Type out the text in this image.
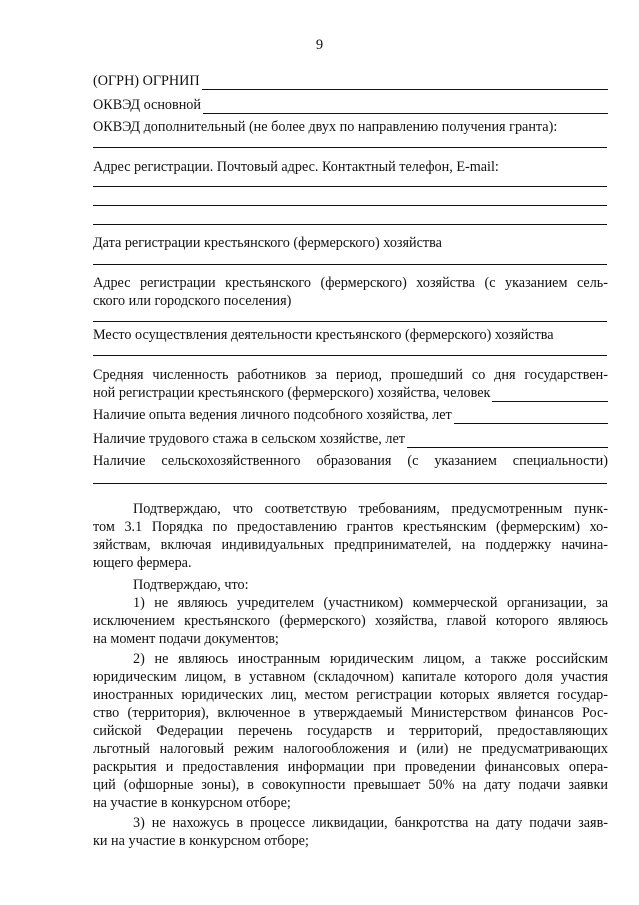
9
(ОГРН) ОГРНИП
ОКВЭД основной
ОКВЭД дополнительный (не более двух по направлению получения гранта):
Адрес регистрации. Почтовый адрес. Контактный телефон, E-mail:
Дата регистрации крестьянского (фермерского) хозяйства
Адрес регистрации крестьянского (фермерского) хозяйства (с указанием сель-
ского или городского поселения)
Место осуществления деятельности крестьянского (фермерского) хозяйства
Средняя численность работников за период, прошедший со дня государствен-
ной регистрации крестьянского (фермерского) хозяйства, человек
Наличие опыта ведения личного подсобного хозяйства, лет
Наличие трудового стажа в сельском хозяйстве, лет
Наличие сельскохозяйственного образования (с указанием специальности)
Подтверждаю, что соответствую требованиям, предусмотренным пунк-
том 3.1 Порядка по предоставлению грантов крестьянским (фермерским) хо-
зяйствам, включая индивидуальных предпринимателей, на поддержку начина-
ющего фермера.
Подтверждаю, что:
1) не являюсь учредителем (участником) коммерческой организации, за
исключением крестьянского (фермерского) хозяйства, главой которого являюсь
на момент подачи документов;
2) не являюсь иностранным юридическим лицом, а также российским
юридическим лицом, в уставном (складочном) капитале которого доля участия
иностранных юридических лиц, местом регистрации которых является государ-
ство (территория), включенное в утверждаемый Министерством финансов Рос-
сийской Федерации перечень государств и территорий, предоставляющих
льготный налоговый режим налогообложения и (или) не предусматривающих
раскрытия и предоставления информации при проведении финансовых опера-
ций (офшорные зоны), в совокупности превышает 50% на дату подачи заявки
на участие в конкурсном отборе;
3) не нахожусь в процессе ликвидации, банкротства на дату подачи заяв-
ки на участие в конкурсном отборе;
